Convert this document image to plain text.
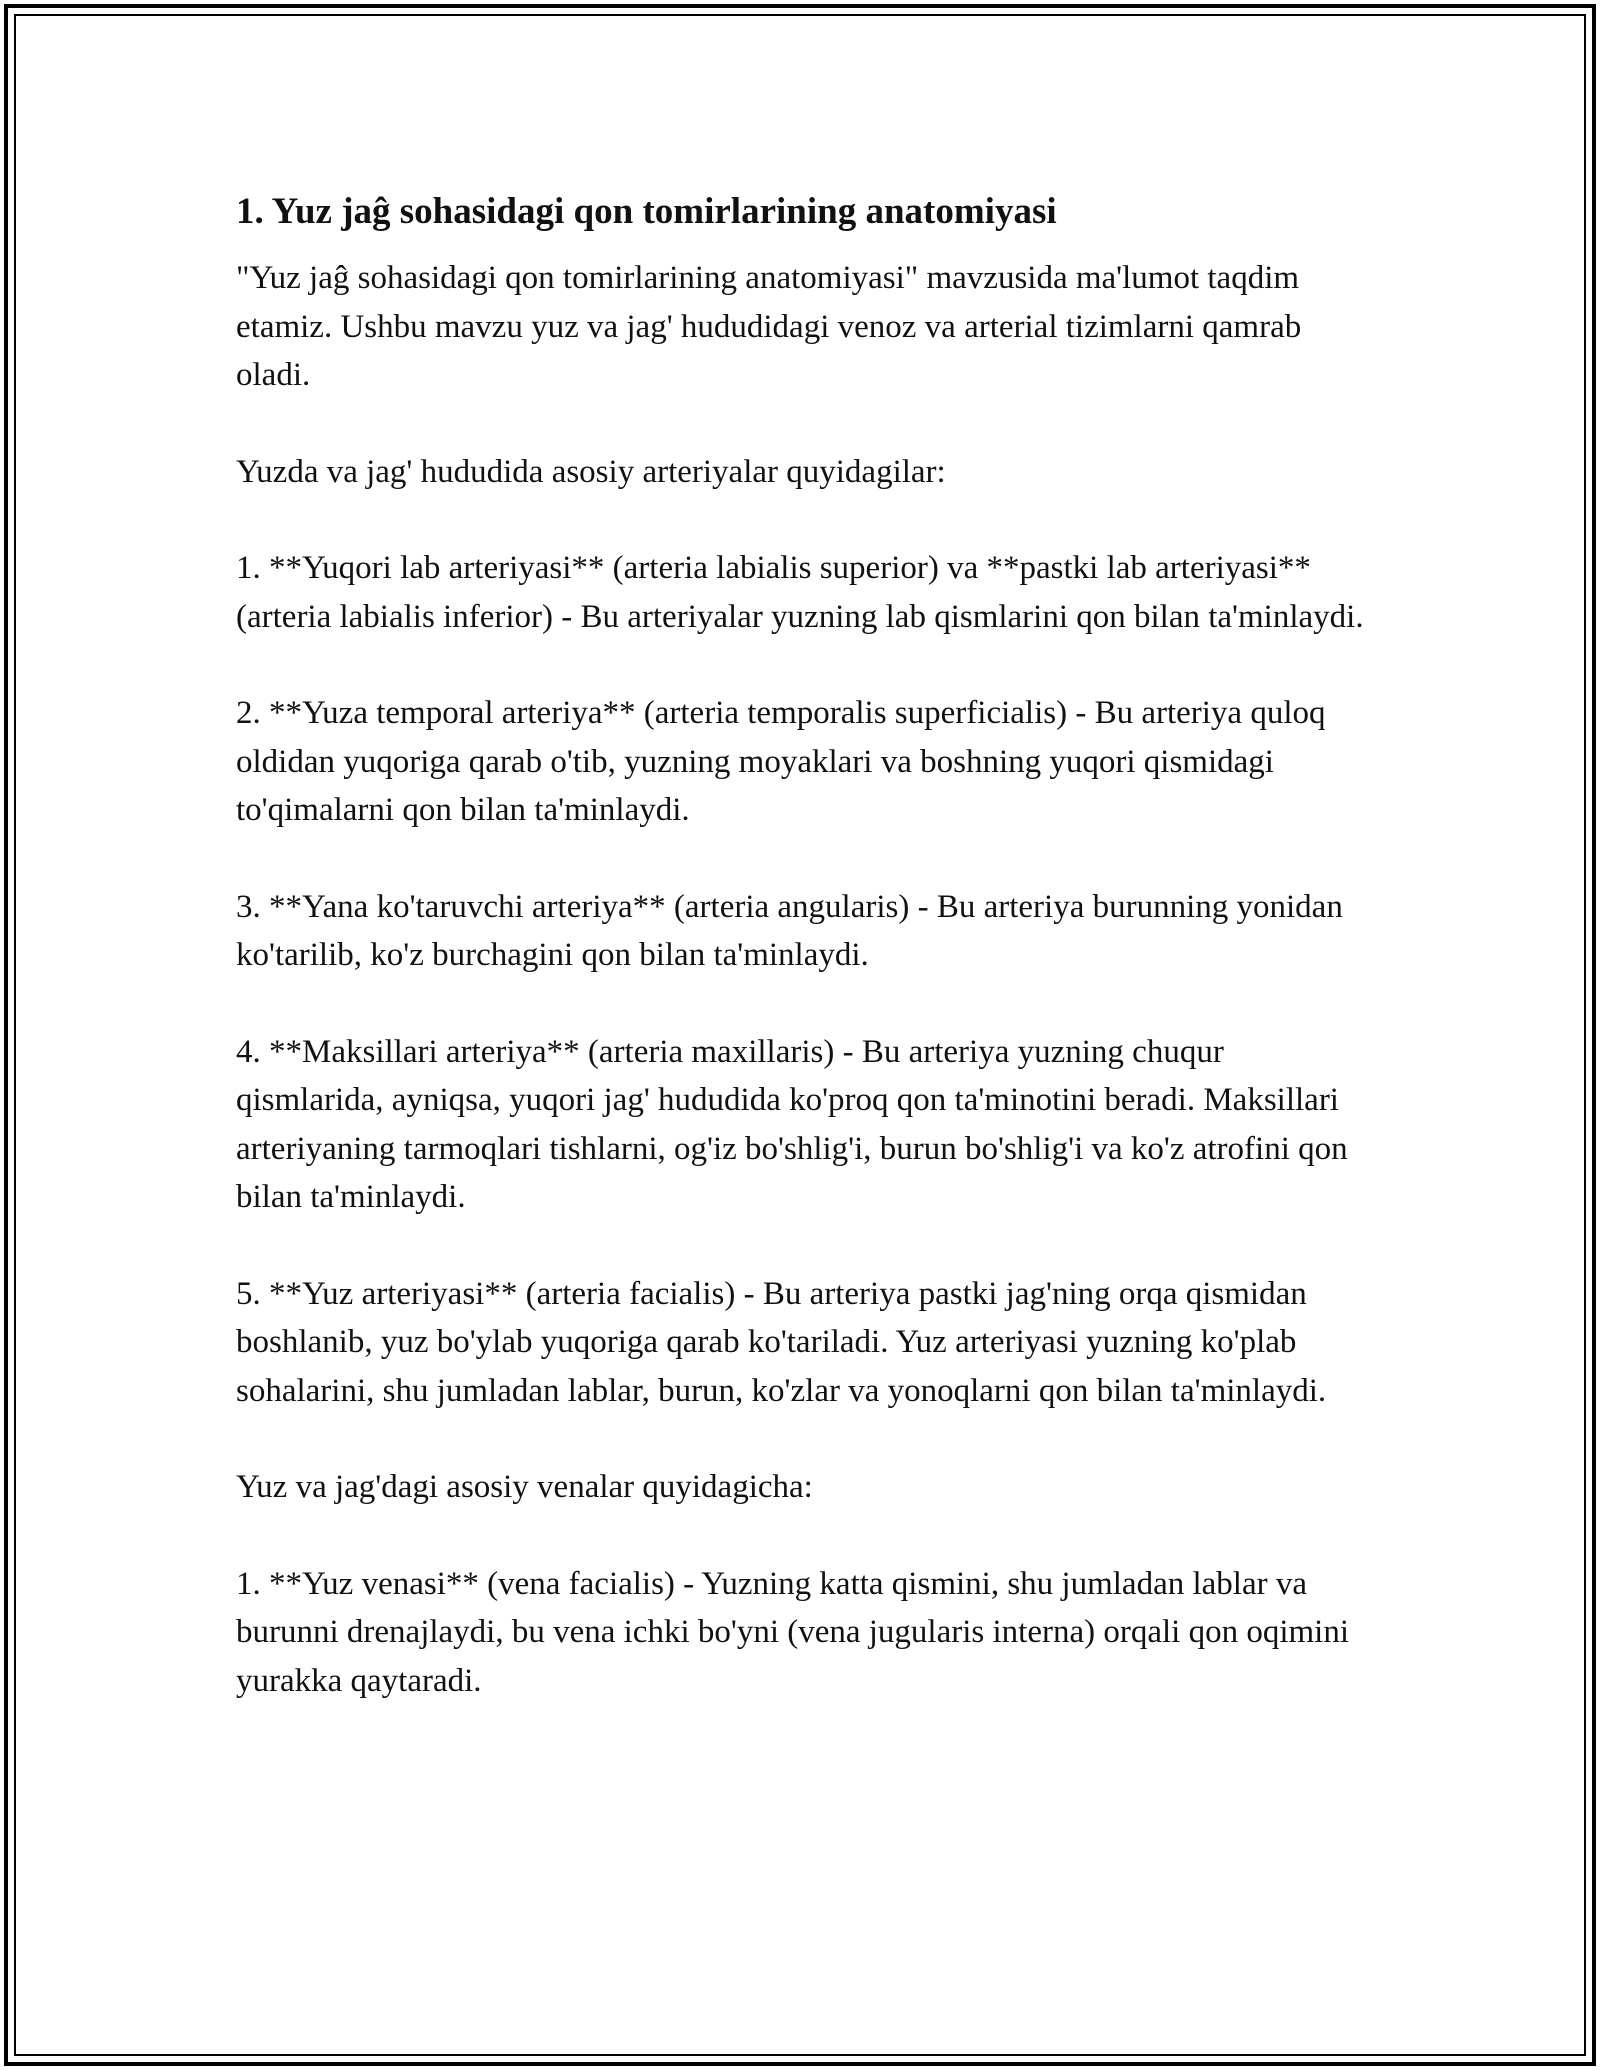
1. Yuz jaĝ sohasidagi qon tomirlarining anatomiyasi

"Yuz jaĝ sohasidagi qon tomirlarining anatomiyasi" mavzusida ma'lumot taqdim etamiz. Ushbu mavzu yuz va jag' hududidagi venoz va arterial tizimlarni qamrab oladi.

Yuzda va jag' hududida asosiy arteriyalar quyidagilar:

1. **Yuqori lab arteriyasi** (arteria labialis superior) va **pastki lab arteriyasi** (arteria labialis inferior) - Bu arteriyalar yuzning lab qismlarini qon bilan ta'minlaydi.

2. **Yuza temporal arteriya** (arteria temporalis superficialis) - Bu arteriya quloq oldidan yuqoriga qarab o'tib, yuzning moyaklari va boshning yuqori qismidagi to'qimalarni qon bilan ta'minlaydi.

3. **Yana ko'taruvchi arteriya** (arteria angularis) - Bu arteriya burunning yonidan ko'tarilib, ko'z burchagini qon bilan ta'minlaydi.

4. **Maksillari arteriya** (arteria maxillaris) - Bu arteriya yuzning chuqur qismlarida, ayniqsa, yuqori jag' hududida ko'proq qon ta'minotini beradi. Maksillari arteriyaning tarmoqlari tishlarni, og'iz bo'shlig'i, burun bo'shlig'i va ko'z atrofini qon bilan ta'minlaydi.

5. **Yuz arteriyasi** (arteria facialis) - Bu arteriya pastki jag'ning orqa qismidan boshlanib, yuz bo'ylab yuqoriga qarab ko'tariladi. Yuz arteriyasi yuzning ko'plab sohalarini, shu jumladan lablar, burun, ko'zlar va yonoqlarni qon bilan ta'minlaydi.

Yuz va jag'dagi asosiy venalar quyidagicha:

1. **Yuz venasi** (vena facialis) - Yuzning katta qismini, shu jumladan lablar va burunni drenajlaydi, bu vena ichki bo'yni (vena jugularis interna) orqali qon oqimini yurakka qaytaradi.
